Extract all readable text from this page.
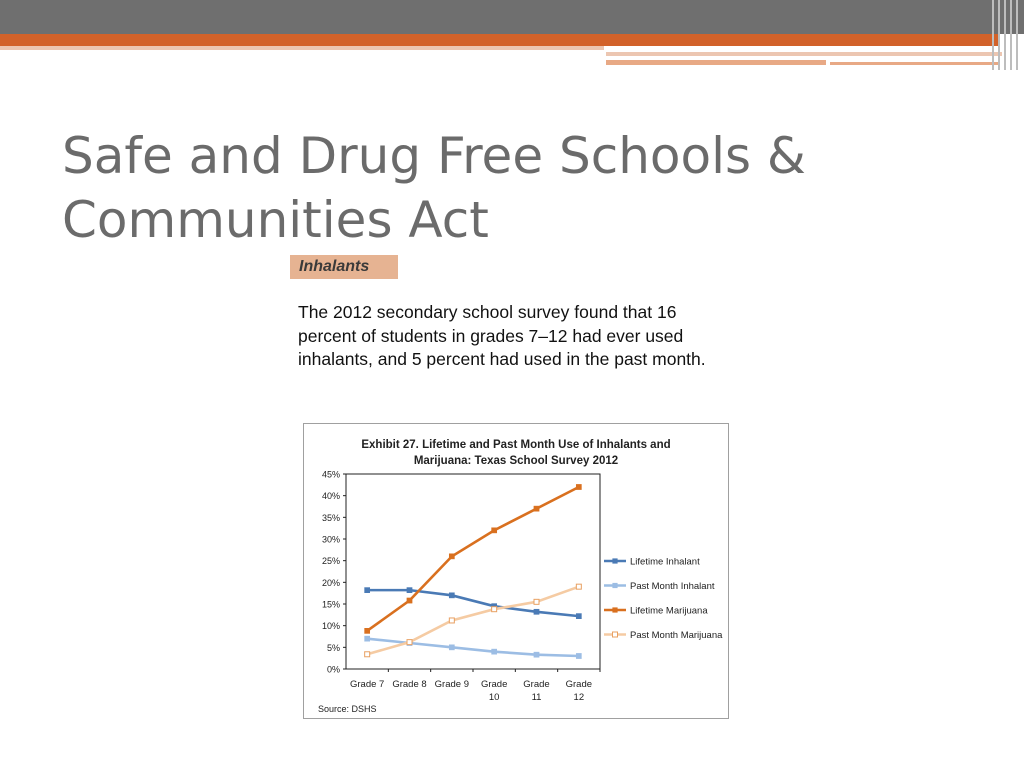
Safe and Drug Free Schools &
Communities Act
Inhalants
The 2012 secondary school survey found that 16 percent of students in grades 7–12 had ever used inhalants, and 5 percent had used in the past month.
Exhibit 27. Lifetime and Past Month Use of Inhalants and
Marijuana: Texas School Survey 2012
0%
5%
10%
15%
20%
25%
30%
35%
40%
45%
Grade 7 Grade 8 Grade 9 Grade
10
Grade
11
Grade
12
Lifetime Inhalant
Past Month Inhalant
Lifetime Marijuana
Past Month Marijuana
Source: DSHS
